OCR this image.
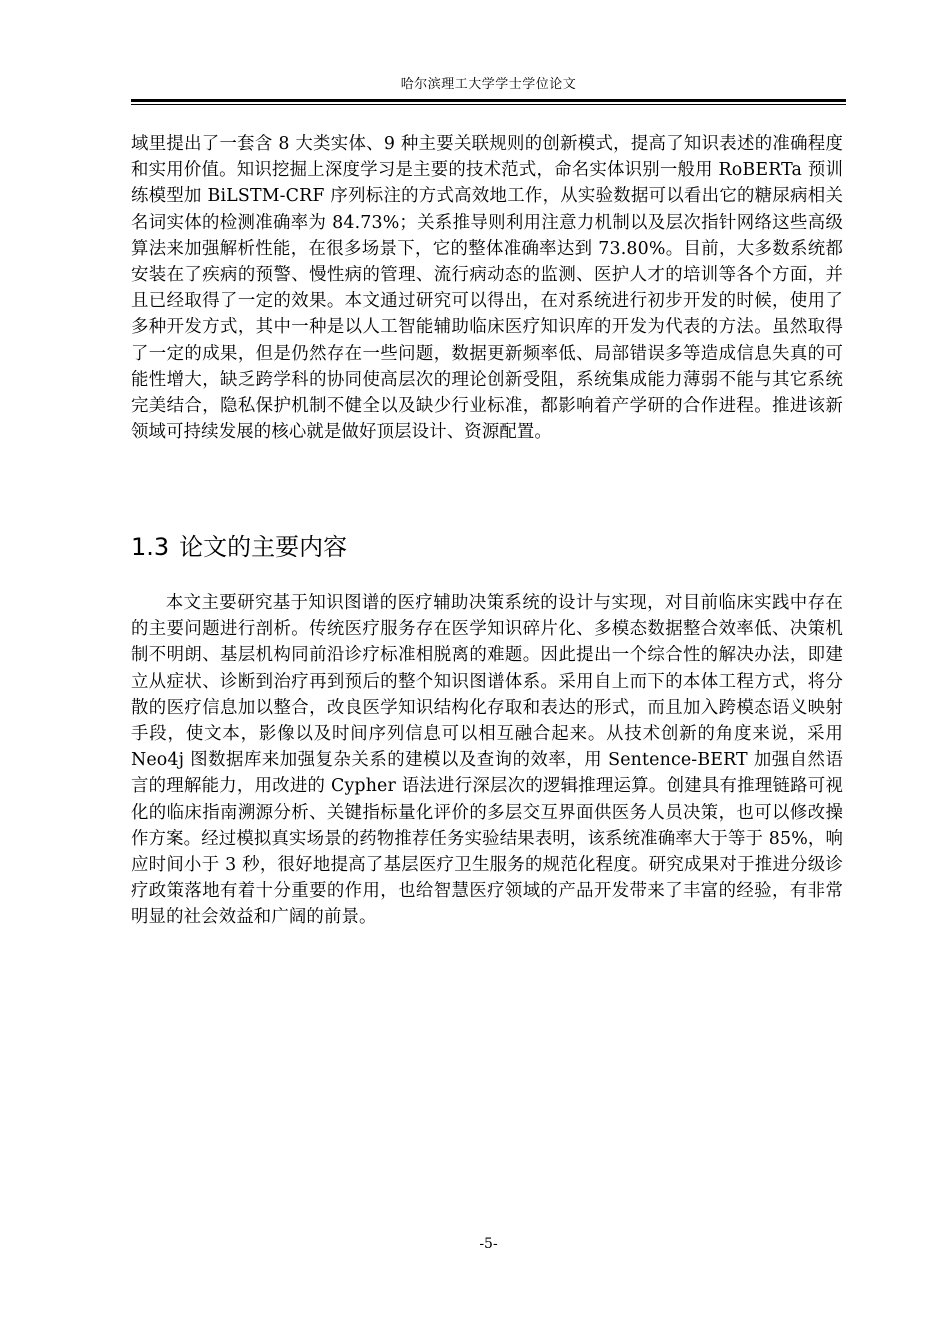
哈尔滨理工大学学士学位论文

域里提出了一套含 8 大类实体、9 种主要关联规则的创新模式，提高了知识表述的准确程度和实用价值。知识挖掘上深度学习是主要的技术范式，命名实体识别一般用 RoBERTa 预训练模型加 BiLSTM-CRF 序列标注的方式高效地工作，从实验数据可以看出它的糖尿病相关名词实体的检测准确率为 84.73%；关系推导则利用注意力机制以及层次指针网络这些高级算法来加强解析性能，在很多场景下，它的整体准确率达到 73.80%。目前，大多数系统都安装在了疾病的预警、慢性病的管理、流行病动态的监测、医护人才的培训等各个方面，并且已经取得了一定的效果。本文通过研究可以得出，在对系统进行初步开发的时候，使用了多种开发方式，其中一种是以人工智能辅助临床医疗知识库的开发为代表的方法。虽然取得了一定的成果，但是仍然存在一些问题，数据更新频率低、局部错误多等造成信息失真的可能性增大，缺乏跨学科的协同使高层次的理论创新受阻，系统集成能力薄弱不能与其它系统完美结合，隐私保护机制不健全以及缺少行业标准，都影响着产学研的合作进程。推进该新领域可持续发展的核心就是做好顶层设计、资源配置。

1.3 论文的主要内容

本文主要研究基于知识图谱的医疗辅助决策系统的设计与实现，对目前临床实践中存在的主要问题进行剖析。传统医疗服务存在医学知识碎片化、多模态数据整合效率低、决策机制不明朗、基层机构同前沿诊疗标准相脱离的难题。因此提出一个综合性的解决办法，即建立从症状、诊断到治疗再到预后的整个知识图谱体系。采用自上而下的本体工程方式，将分散的医疗信息加以整合，改良医学知识结构化存取和表达的形式，而且加入跨模态语义映射手段，使文本，影像以及时间序列信息可以相互融合起来。从技术创新的角度来说，采用 Neo4j 图数据库来加强复杂关系的建模以及查询的效率，用 Sentence-BERT 加强自然语言的理解能力，用改进的 Cypher 语法进行深层次的逻辑推理运算。创建具有推理链路可视化的临床指南溯源分析、关键指标量化评价的多层交互界面供医务人员决策，也可以修改操作方案。经过模拟真实场景的药物推荐任务实验结果表明，该系统准确率大于等于 85%，响应时间小于 3 秒，很好地提高了基层医疗卫生服务的规范化程度。研究成果对于推进分级诊疗政策落地有着十分重要的作用，也给智慧医疗领域的产品开发带来了丰富的经验，有非常明显的社会效益和广阔的前景。

-5-
